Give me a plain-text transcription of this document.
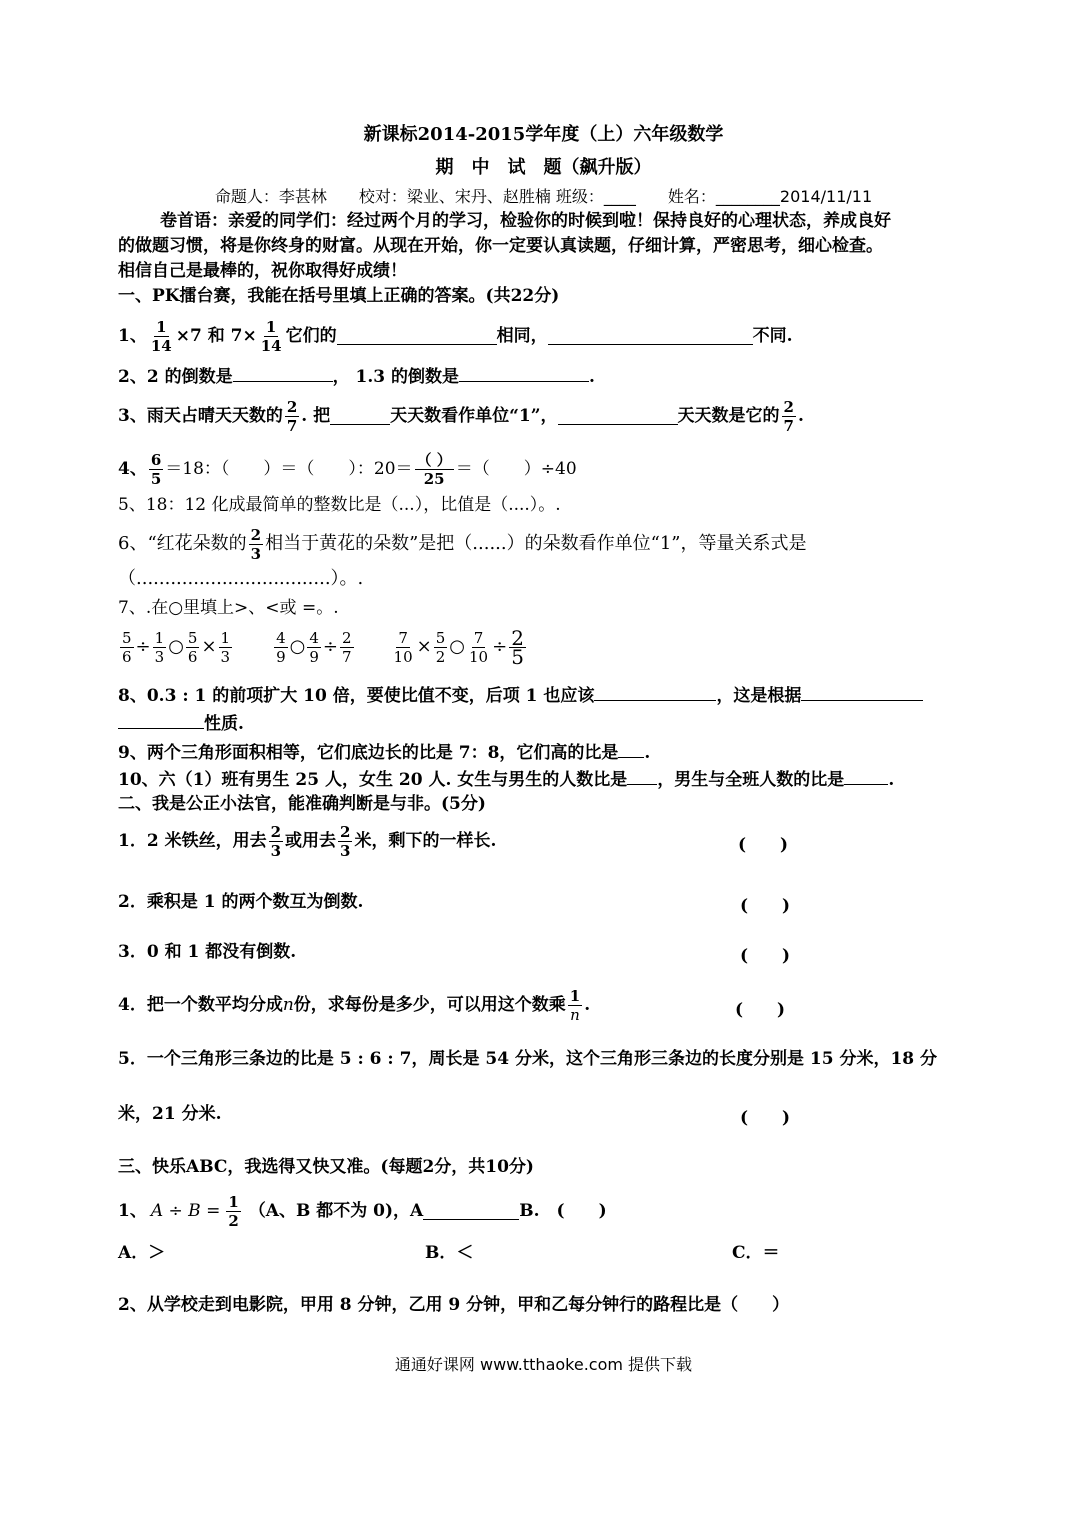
新课标2014-2015学年度（上）六年级数学
期　中　试　题（飙升版）
命题人：李甚林　　校对：梁业、宋丹、赵胜楠 班级：____　　姓名：________2014/11/11
卷首语：亲爱的同学们：经过两个月的学习，检验你的时候到啦！保持良好的心理状态，养成良好
的做题习惯，将是你终身的财富。从现在开始，你一定要认真读题，仔细计算，严密思考，细心检查。
相信自己是最棒的，祝你取得好成绩！
一、PK擂台赛，我能在括号里填上正确的答案。(共22分)
1、 $\frac{1}{14} \times 7$ 和 $7\times \frac{1}{14}$ 它们的	相同，	不同.
2、2 的倒数是	， 1.3 的倒数是	.
3、雨天占晴天天数的 $\frac{2}{7}$ . 把	天天数看作单位“1”，	天天数是它的 $\frac{2}{7}$ .
4、 $\frac{6}{5} =18$：（　　）＝（　　）：$20= \frac{( )}{25}$ ＝（　　）÷40
5、18：12 化成最简单的整数比是（...），比值是（....）。.
6、“红花朵数的 $\frac{2}{3}$ 相当于黄花的朵数”是把（......）的朵数看作单位“1”，等量关系式是
（..................................）。.
7、.在○里填上>、<或 =。.
$\frac{5}{6} \div \frac{1}{3}$ ○ $\frac{5}{6} \times \frac{1}{3}$	$\frac{4}{9}$ ○ $\frac{4}{9} \div \frac{2}{7}$	$\frac{7}{10} \times \frac{5}{2}$ ○ $\frac{7}{10} \div \frac{2}{5}$
8、0.3 : 1 的前项扩大 10 倍，要使比值不变，后项 1 也应该	，这是根据
性质.
9、两个三角形面积相等，它们底边长的比是 7：8，它们高的比是 .
10、六（1）班有男生 25 人，女生 20 人. 女生与男生的人数比是 ，男生与全班人数的比是	.
二、我是公正小法官，能准确判断是与非。(5分)
1．2 米铁丝，用去 $\frac{2}{3}$ 或用去 $\frac{2}{3}$ 米，剩下的一样长.	(　　)
2．乘积是 1 的两个数互为倒数.	(　　)
3．0 和 1 都没有倒数.	(　　)
4．把一个数平均分成 n 份，求每份是多少，可以用这个数乘 $\frac{1}{n}$ .	(　　)
5．一个三角形三条边的比是 5 : 6 : 7，周长是 54 分米，这个三角形三条边的长度分别是 15 分米，18 分
米，21 分米.	(　　)
三、快乐ABC，我选得又快又准。(每题2分，共10分)
1、 $A \div B = \frac{1}{2} (A$、B 都不为 0)，A	B.　(　　)
A．＞	B．＜	C．＝
2、从学校走到电影院，甲用 8 分钟，乙用 9 分钟，甲和乙每分钟行的路程比是（　　）
通通好课网 www.tthaoke.com 提供下载
